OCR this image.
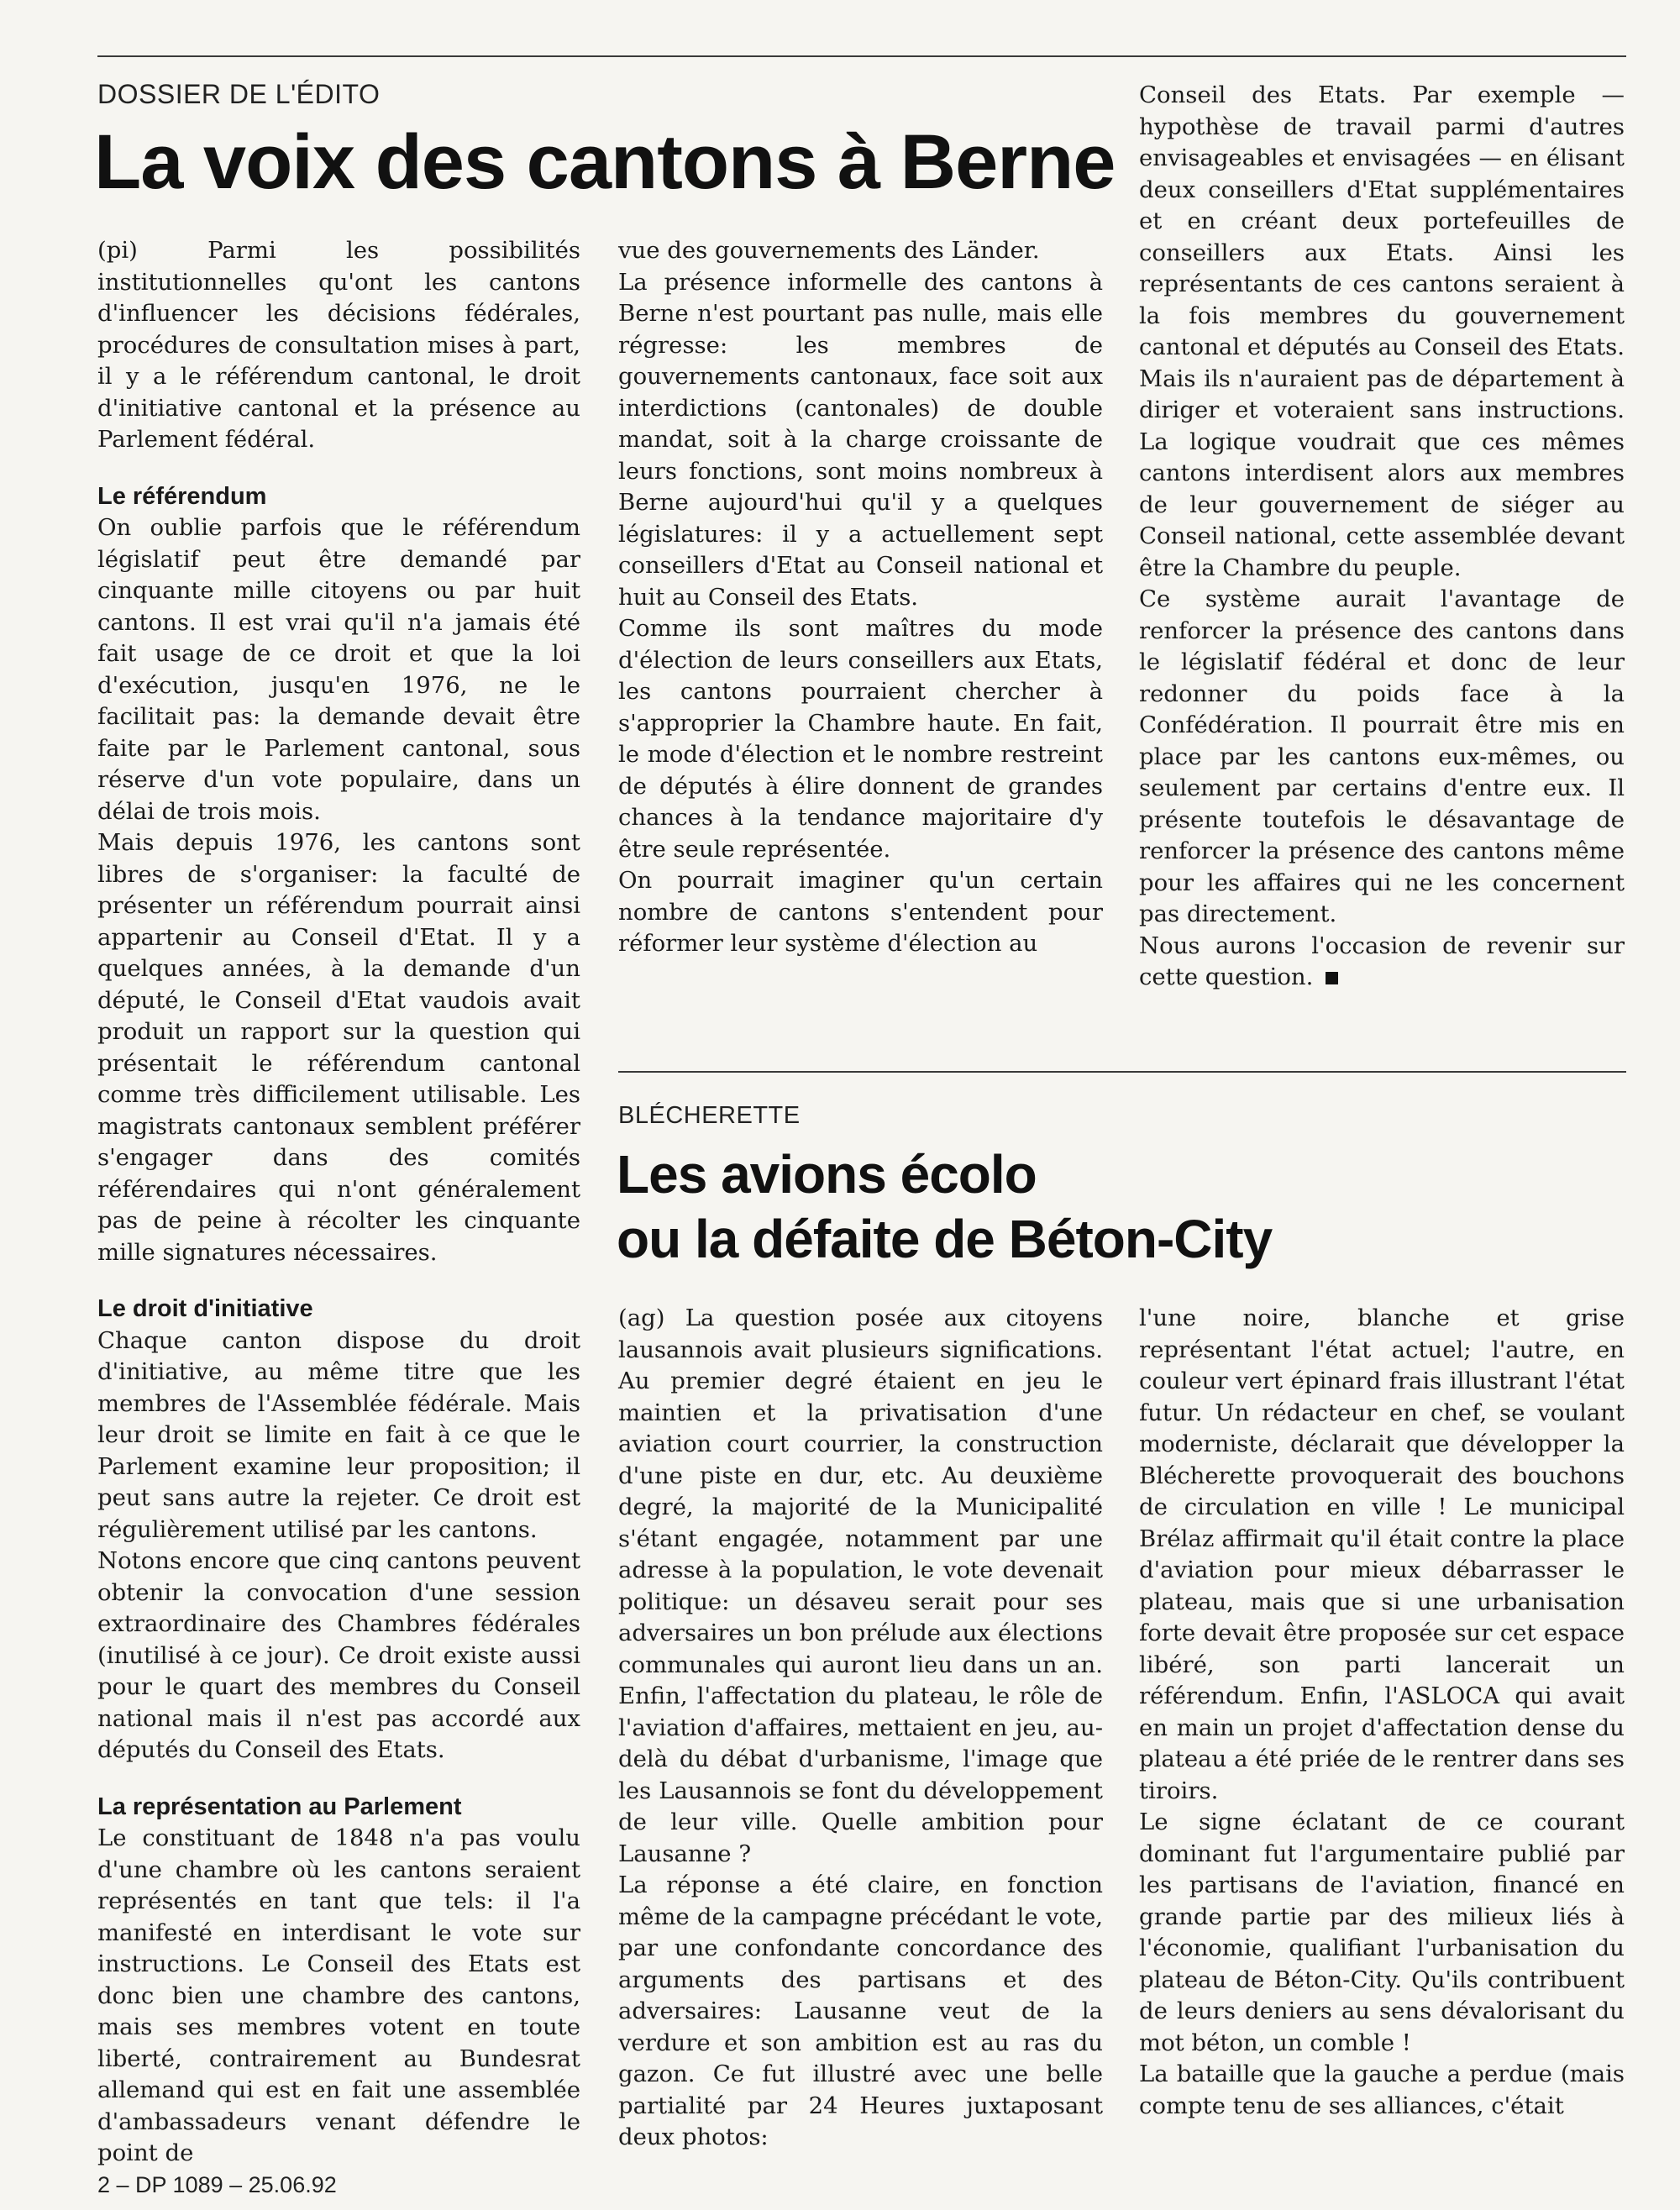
DOSSIER DE L'ÉDITO
La voix des cantons à Berne

(pi) Parmi les possibilités institutionnelles qu'ont les cantons d'influencer les décisions fédérales, procédures de consultation mises à part, il y a le référendum cantonal, le droit d'initiative cantonal et la présence au Parlement fédéral.

Le référendum

On oublie parfois que le référendum législatif peut être demandé par cinquante mille citoyens ou par huit cantons. Il est vrai qu'il n'a jamais été fait usage de ce droit et que la loi d'exécution, jusqu'en 1976, ne le facilitait pas: la demande devait être faite par le Parlement cantonal, sous réserve d'un vote populaire, dans un délai de trois mois.

Mais depuis 1976, les cantons sont libres de s'organiser: la faculté de présenter un référendum pourrait ainsi appartenir au Conseil d'Etat. Il y a quelques années, à la demande d'un député, le Conseil d'Etat vaudois avait produit un rapport sur la question qui présentait le référendum cantonal comme très difficilement utilisable. Les magistrats cantonaux semblent préférer s'engager dans des comités référendaires qui n'ont généralement pas de peine à récolter les cinquante mille signatures nécessaires.

Le droit d'initiative

Chaque canton dispose du droit d'initiative, au même titre que les membres de l'Assemblée fédérale. Mais leur droit se limite en fait à ce que le Parlement examine leur proposition; il peut sans autre la rejeter. Ce droit est régulièrement utilisé par les cantons.

Notons encore que cinq cantons peuvent obtenir la convocation d'une session extraordinaire des Chambres fédérales (inutilisé à ce jour). Ce droit existe aussi pour le quart des membres du Conseil national mais il n'est pas accordé aux députés du Conseil des Etats.

La représentation au Parlement

Le constituant de 1848 n'a pas voulu d'une chambre où les cantons seraient représentés en tant que tels: il l'a manifesté en interdisant le vote sur instructions. Le Conseil des Etats est donc bien une chambre des cantons, mais ses membres votent en toute liberté, contrairement au Bundesrat allemand qui est en fait une assemblée d'ambassadeurs venant défendre le point de

vue des gouvernements des Länder.

La présence informelle des cantons à Berne n'est pourtant pas nulle, mais elle régresse: les membres de gouvernements cantonaux, face soit aux interdictions (cantonales) de double mandat, soit à la charge croissante de leurs fonctions, sont moins nombreux à Berne aujourd'hui qu'il y a quelques législatures: il y a actuellement sept conseillers d'Etat au Conseil national et huit au Conseil des Etats.

Comme ils sont maîtres du mode d'élection de leurs conseillers aux Etats, les cantons pourraient chercher à s'approprier la Chambre haute. En fait, le mode d'élection et le nombre restreint de députés à élire donnent de grandes chances à la tendance majoritaire d'y être seule représentée.

On pourrait imaginer qu'un certain nombre de cantons s'entendent pour réformer leur système d'élection au

Conseil des Etats. Par exemple — hypothèse de travail parmi d'autres envisageables et envisagées — en élisant deux conseillers d'Etat supplémentaires et en créant deux portefeuilles de conseillers aux Etats. Ainsi les représentants de ces cantons seraient à la fois membres du gouvernement cantonal et députés au Conseil des Etats. Mais ils n'auraient pas de département à diriger et voteraient sans instructions. La logique voudrait que ces mêmes cantons interdisent alors aux membres de leur gouvernement de siéger au Conseil national, cette assemblée devant être la Chambre du peuple.

Ce système aurait l'avantage de renforcer la présence des cantons dans le législatif fédéral et donc de leur redonner du poids face à la Confédération. Il pourrait être mis en place par les cantons eux-mêmes, ou seulement par certains d'entre eux. Il présente toutefois le désavantage de renforcer la présence des cantons même pour les affaires qui ne les concernent pas directement.

Nous aurons l'occasion de revenir sur cette question.

BLÉCHERETTE
Les avions écolo
ou la défaite de Béton-City

(ag) La question posée aux citoyens lausannois avait plusieurs significations. Au premier degré étaient en jeu le maintien et la privatisation d'une aviation court courrier, la construction d'une piste en dur, etc. Au deuxième degré, la majorité de la Municipalité s'étant engagée, notamment par une adresse à la population, le vote devenait politique: un désaveu serait pour ses adversaires un bon prélude aux élections communales qui auront lieu dans un an. Enfin, l'affectation du plateau, le rôle de l'aviation d'affaires, mettaient en jeu, au-delà du débat d'urbanisme, l'image que les Lausannois se font du développement de leur ville. Quelle ambition pour Lausanne ?

La réponse a été claire, en fonction même de la campagne précédant le vote, par une confondante concordance des arguments des partisans et des adversaires: Lausanne veut de la verdure et son ambition est au ras du gazon. Ce fut illustré avec une belle partialité par 24 Heures juxtaposant deux photos:

l'une noire, blanche et grise représentant l'état actuel; l'autre, en couleur vert épinard frais illustrant l'état futur. Un rédacteur en chef, se voulant moderniste, déclarait que développer la Blécherette provoquerait des bouchons de circulation en ville ! Le municipal Brélaz affirmait qu'il était contre la place d'aviation pour mieux débarrasser le plateau, mais que si une urbanisation forte devait être proposée sur cet espace libéré, son parti lancerait un référendum. Enfin, l'ASLOCA qui avait en main un projet d'affectation dense du plateau a été priée de le rentrer dans ses tiroirs.

Le signe éclatant de ce courant dominant fut l'argumentaire publié par les partisans de l'aviation, financé en grande partie par des milieux liés à l'économie, qualifiant l'urbanisation du plateau de Béton-City. Qu'ils contribuent de leurs deniers au sens dévalorisant du mot béton, un comble !

La bataille que la gauche a perdue (mais compte tenu de ses alliances, c'était

2 – DP 1089 – 25.06.92
